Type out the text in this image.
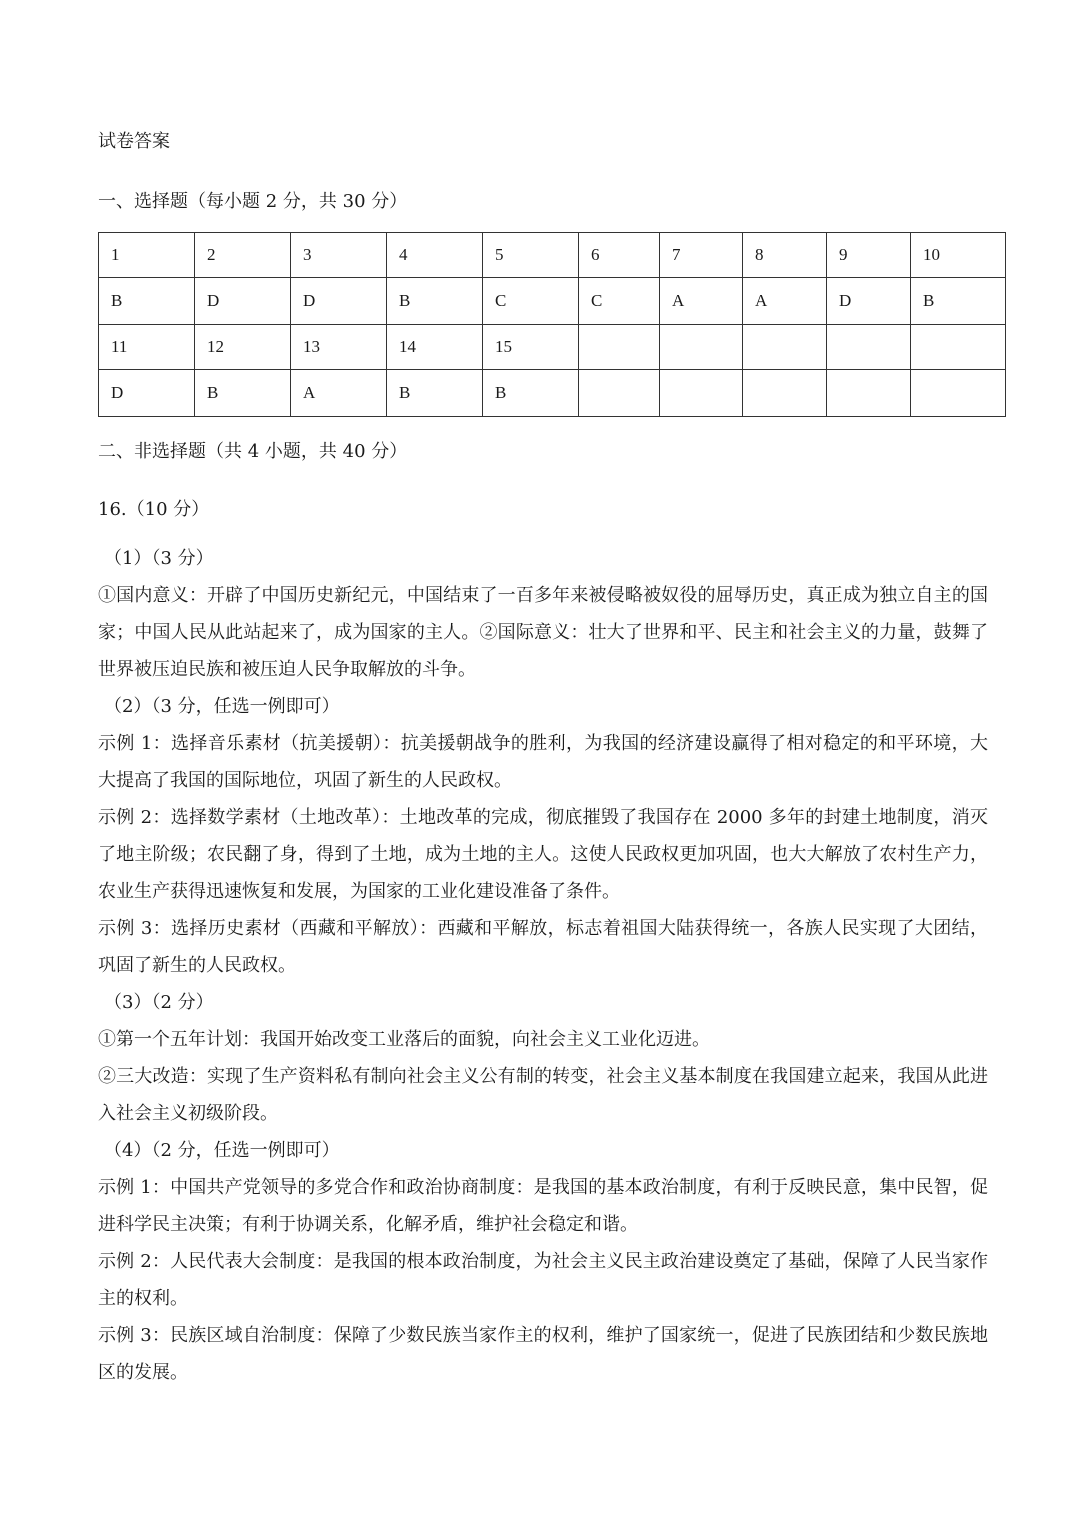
试卷答案
一、选择题（每小题 2 分，共 30 分）
1	2	3	4	5	6	7	8	9	10
B	D	D	B	C	C	A	A	D	B
11	12	13	14	15					
D	B	A	B	B					
二、非选择题（共 4 小题，共 40 分）
16.（10 分）

（1）（3 分）

①国内意义：开辟了中国历史新纪元，中国结束了一百多年来被侵略被奴役的屈辱历史，真正成为独立自主的国家；中国人民从此站起来了，成为国家的主人。②国际意义：壮大了世界和平、民主和社会主义的力量，鼓舞了世界被压迫民族和被压迫人民争取解放的斗争。

（2）（3 分，任选一例即可）

示例 1：选择音乐素材（抗美援朝）：抗美援朝战争的胜利，为我国的经济建设赢得了相对稳定的和平环境，大大提高了我国的国际地位，巩固了新生的人民政权。

示例 2：选择数学素材（土地改革）：土地改革的完成，彻底摧毁了我国存在 2000 多年的封建土地制度，消灭了地主阶级；农民翻了身，得到了土地，成为土地的主人。这使人民政权更加巩固，也大大解放了农村生产力，农业生产获得迅速恢复和发展，为国家的工业化建设准备了条件。

示例 3：选择历史素材（西藏和平解放）：西藏和平解放，标志着祖国大陆获得统一，各族人民实现了大团结，巩固了新生的人民政权。

（3）（2 分）

①第一个五年计划：我国开始改变工业落后的面貌，向社会主义工业化迈进。

②三大改造：实现了生产资料私有制向社会主义公有制的转变，社会主义基本制度在我国建立起来，我国从此进入社会主义初级阶段。

（4）（2 分，任选一例即可）

示例 1：中国共产党领导的多党合作和政治协商制度：是我国的基本政治制度，有利于反映民意，集中民智，促进科学民主决策；有利于协调关系，化解矛盾，维护社会稳定和谐。

示例 2：人民代表大会制度：是我国的根本政治制度，为社会主义民主政治建设奠定了基础，保障了人民当家作主的权利。

示例 3：民族区域自治制度：保障了少数民族当家作主的权利，维护了国家统一，促进了民族团结和少数民族地区的发展。
